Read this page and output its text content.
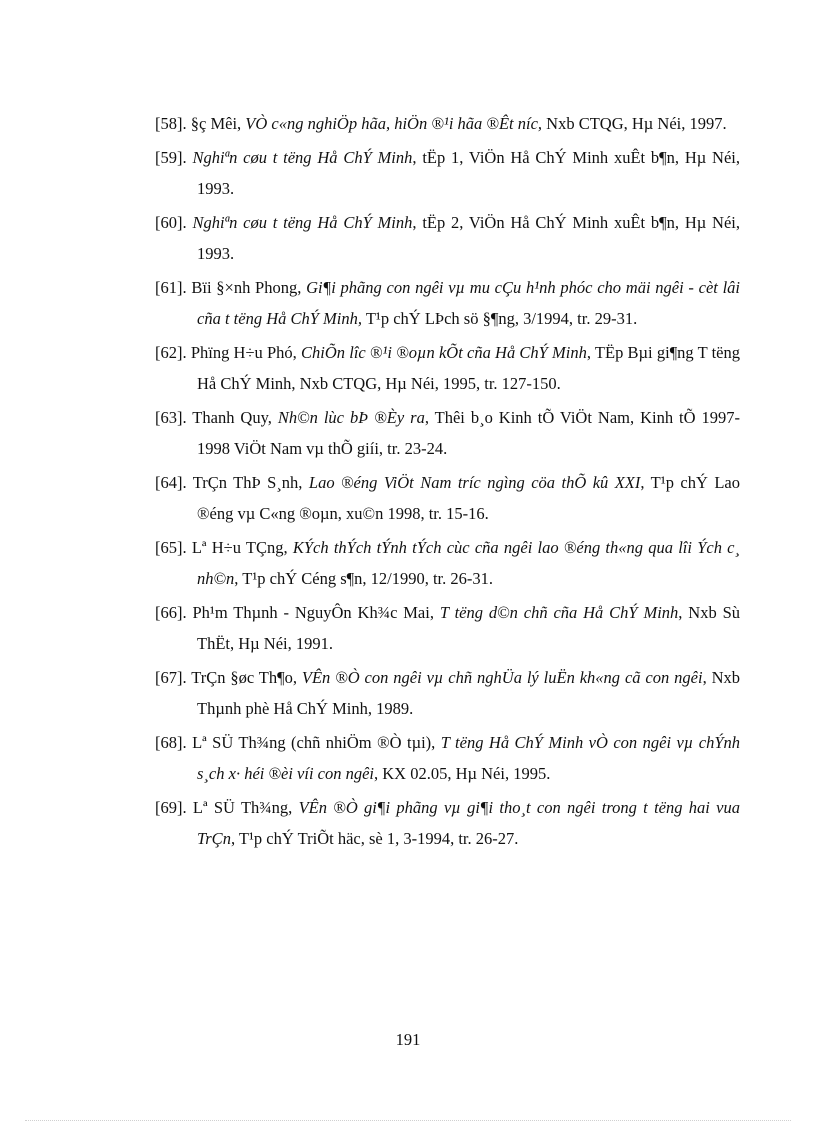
[58]. §ç Mêi, VÒ c«ng nghiÖp hãa, hiÖn ®¹i hãa ®Êt níc, Nxb CTQG, Hµ Néi, 1997.

[59]. Nghiªn cøu t tëng Hå ChÝ Minh, tËp 1, ViÖn Hå ChÝ Minh xuÊt b¶n, Hµ Néi, 1993.

[60]. Nghiªn cøu t tëng Hå ChÝ Minh, tËp 2, ViÖn Hå ChÝ Minh xuÊt b¶n, Hµ Néi, 1993.

[61]. Bïi §×nh Phong, Gi¶i phãng con ngêi vµ mu cÇu h¹nh phóc cho mäi ngêi - cèt lâi cña t tëng Hå ChÝ Minh, T¹p chÝ LÞch sö §¶ng, 3/1994, tr. 29-31.

[62]. Phïng H÷u Phó, ChiÕn lîc ®¹i ®oµn kÕt cña Hå ChÝ Minh, TËp Bµi gi¶ng T tëng Hå ChÝ Minh, Nxb CTQG, Hµ Néi, 1995, tr. 127-150.

[63]. Thanh Quy, Nh©n lùc bÞ ®Èy ra, Thêi b¸o Kinh tÕ ViÖt Nam, Kinh tÕ 1997-1998 ViÖt Nam vµ thÕ giíi, tr. 23-24.

[64]. TrÇn ThÞ S¸nh, Lao ®éng ViÖt Nam tríc ngìng cöa thÕ kû XXI, T¹p chÝ Lao ®éng vµ C«ng ®oµn, xu©n 1998, tr. 15-16.

[65]. Lª H÷u TÇng, KÝch thÝch tÝnh tÝch cùc cña ngêi lao ®éng th«ng qua lîi Ých c¸ nh©n, T¹p chÝ Céng s¶n, 12/1990, tr. 26-31.

[66]. Ph¹m Thµnh - NguyÔn Kh¾c Mai, T tëng d©n chñ cña Hå ChÝ Minh, Nxb Sù ThËt, Hµ Néi, 1991.

[67]. TrÇn §øc Th¶o, VÊn ®Ò con ngêi vµ chñ nghÜa lý luËn kh«ng cã con ngêi, Nxb Thµnh phè Hå ChÝ Minh, 1989.

[68]. Lª SÜ Th¾ng (chñ nhiÖm ®Ò tµi), T tëng Hå ChÝ Minh vÒ con ngêi vµ chÝnh s¸ch x· héi ®èi víi con ngêi, KX 02.05, Hµ Néi, 1995.

[69]. Lª SÜ Th¾ng, VÊn ®Ò gi¶i phãng vµ gi¶i tho¸t con ngêi trong t tëng hai vua TrÇn, T¹p chÝ TriÕt häc, sè 1, 3-1994, tr. 26-27.

191
